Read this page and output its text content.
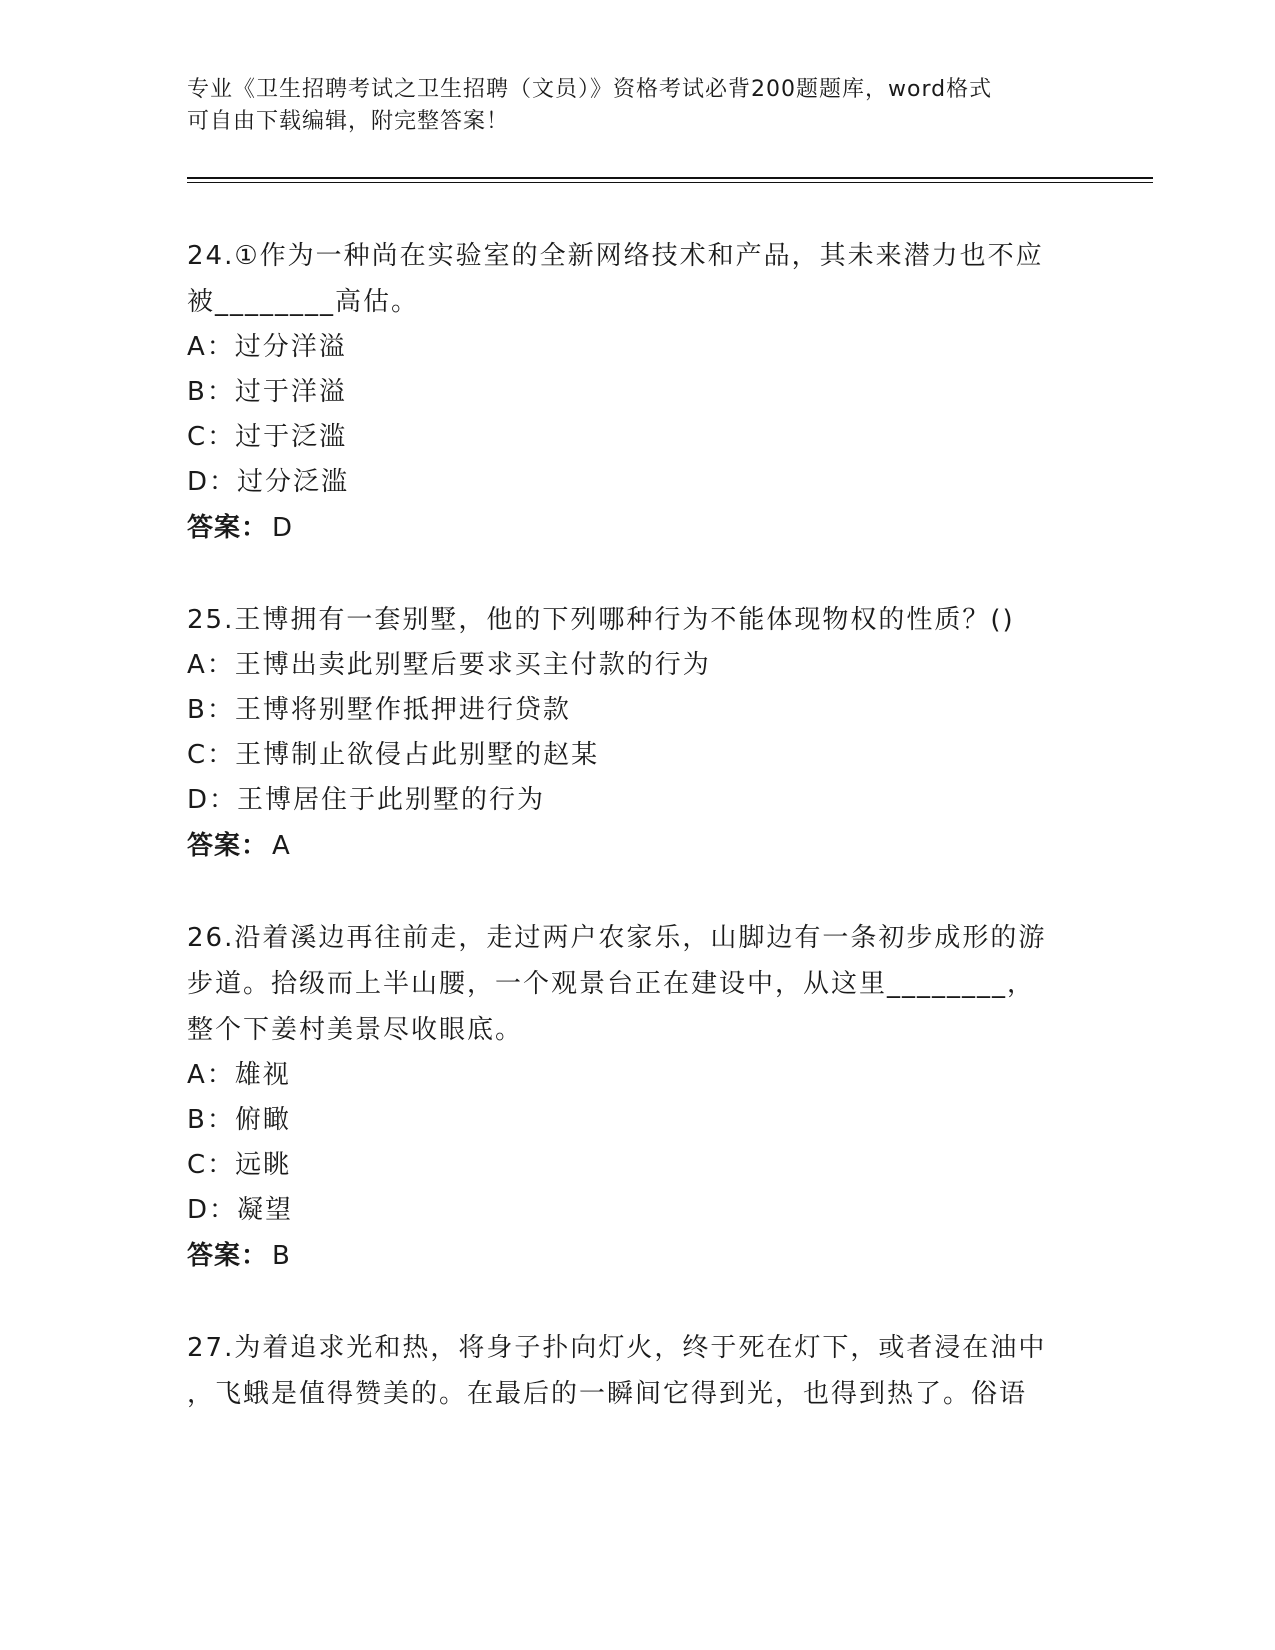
专业《卫生招聘考试之卫生招聘（文员）》资格考试必背200题题库，word格式
可自由下载编辑，附完整答案！
24.①作为一种尚在实验室的全新网络技术和产品，其未来潜力也不应
被________高估。
A：过分洋溢
B：过于洋溢
C：过于泛滥
D：过分泛滥
答案： D
25.王博拥有一套别墅，他的下列哪种行为不能体现物权的性质？()
A：王博出卖此别墅后要求买主付款的行为
B：王博将别墅作抵押进行贷款
C：王博制止欲侵占此别墅的赵某
D：王博居住于此别墅的行为
答案： A
26.沿着溪边再往前走，走过两户农家乐，山脚边有一条初步成形的游
步道。拾级而上半山腰，一个观景台正在建设中，从这里________，
整个下姜村美景尽收眼底。
A：雄视
B：俯瞰
C：远眺
D：凝望
答案： B
27.为着追求光和热，将身子扑向灯火，终于死在灯下，或者浸在油中
，飞蛾是值得赞美的。在最后的一瞬间它得到光，也得到热了。俗语
